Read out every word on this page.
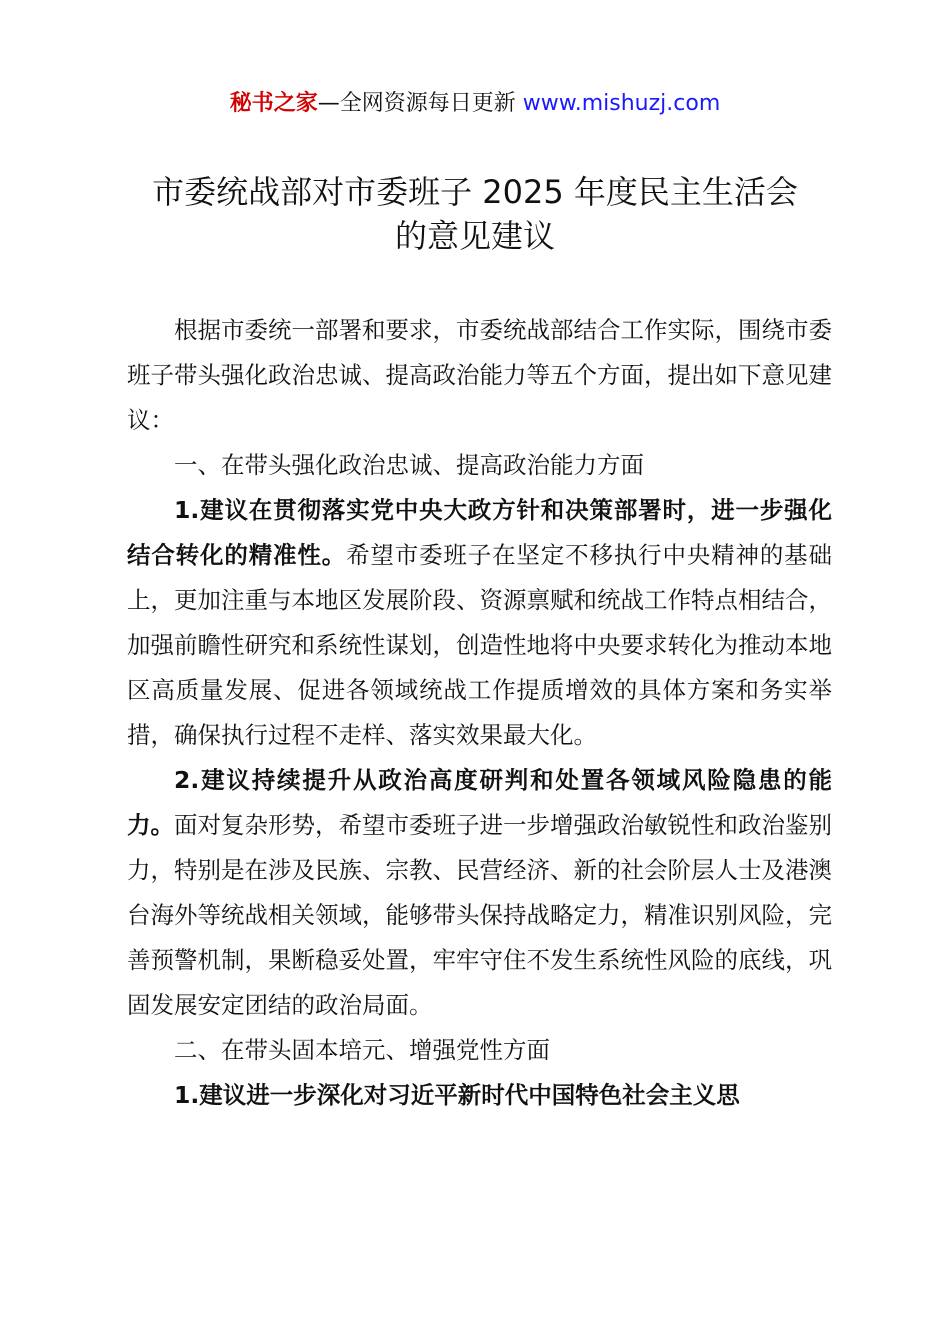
秘书之家—全网资源每日更新 www.mishuzj.com
市委统战部对市委班子 2025 年度民主生活会
的意见建议

根据市委统一部署和要求，市委统战部结合工作实际，围绕市委班子带头强化政治忠诚、提高政治能力等五个方面，提出如下意见建议：

一、在带头强化政治忠诚、提高政治能力方面

1.建议在贯彻落实党中央大政方针和决策部署时，进一步强化结合转化的精准性。希望市委班子在坚定不移执行中央精神的基础上，更加注重与本地区发展阶段、资源禀赋和统战工作特点相结合，加强前瞻性研究和系统性谋划，创造性地将中央要求转化为推动本地区高质量发展、促进各领域统战工作提质增效的具体方案和务实举措，确保执行过程不走样、落实效果最大化。

2.建议持续提升从政治高度研判和处置各领域风险隐患的能力。面对复杂形势，希望市委班子进一步增强政治敏锐性和政治鉴别力，特别是在涉及民族、宗教、民营经济、新的社会阶层人士及港澳台海外等统战相关领域，能够带头保持战略定力，精准识别风险，完善预警机制，果断稳妥处置，牢牢守住不发生系统性风险的底线，巩固发展安定团结的政治局面。

二、在带头固本培元、增强党性方面

1.建议进一步深化对习近平新时代中国特色社会主义思
